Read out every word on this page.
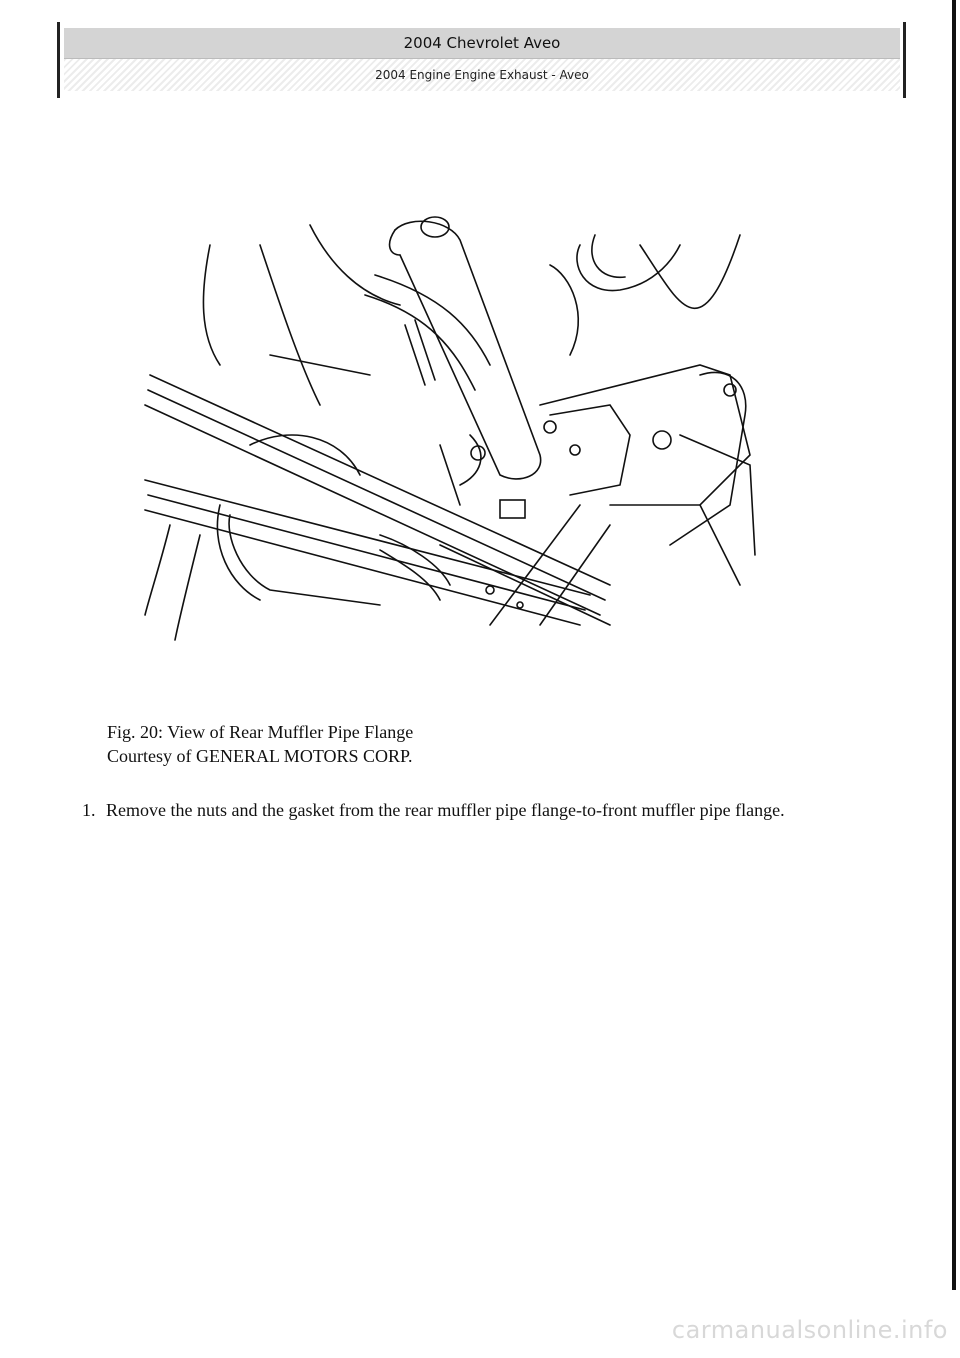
2004 Chevrolet Aveo
2004 Engine Engine Exhaust - Aveo
Fig. 20: View of Rear Muffler Pipe Flange
Courtesy of GENERAL MOTORS CORP.
1. Remove the nuts and the gasket from the rear muffler pipe flange-to-front muffler pipe flange.
carmanualsonline.info
